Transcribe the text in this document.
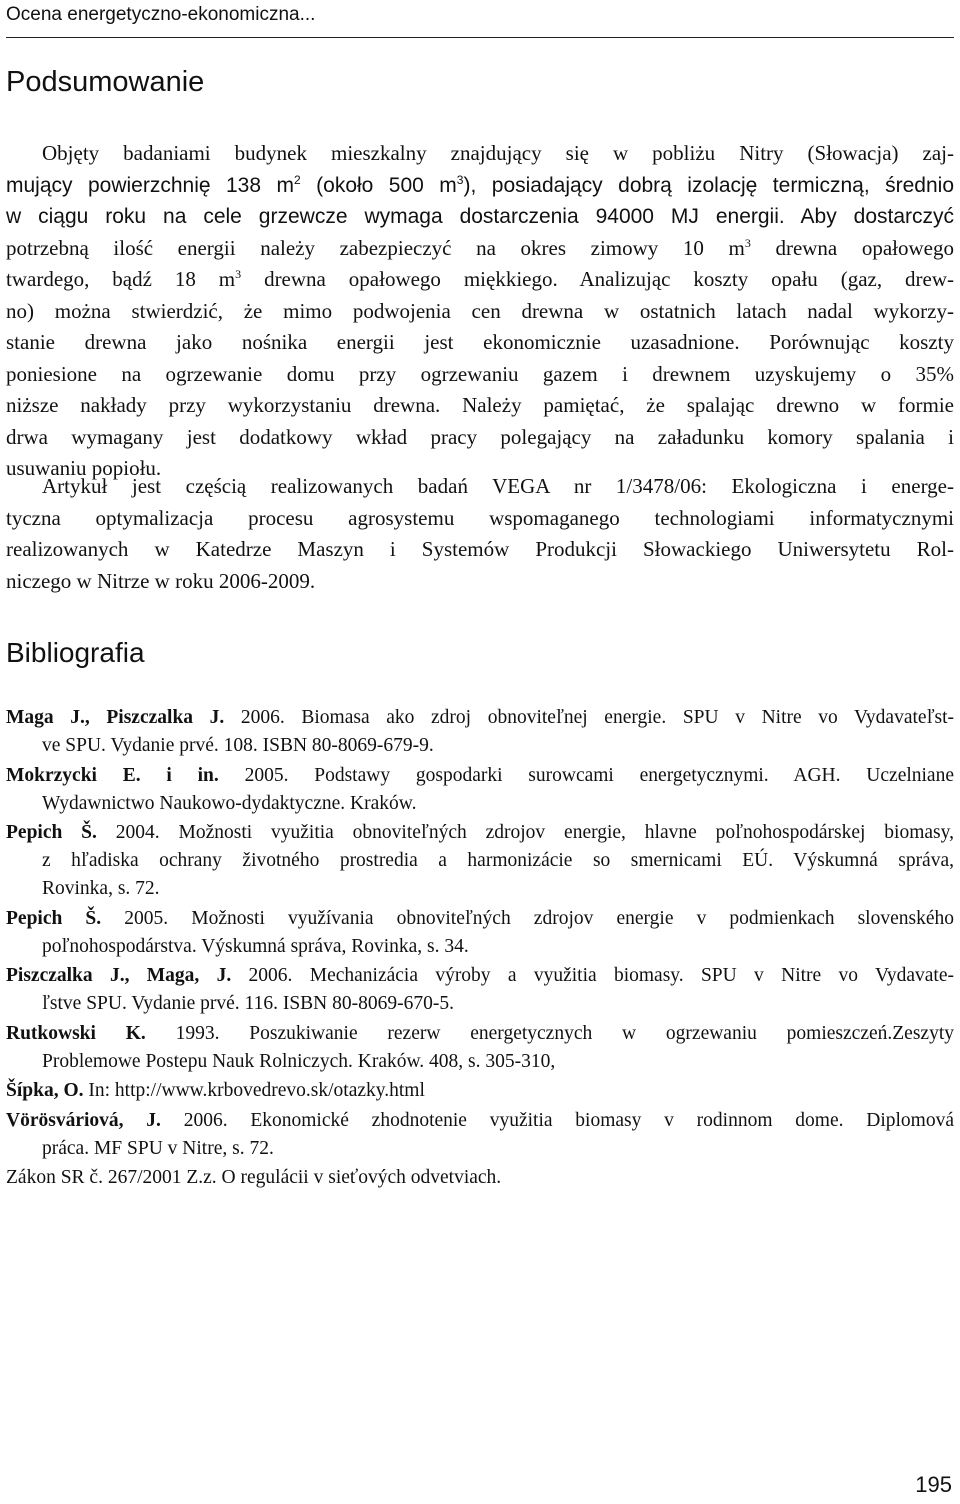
Ocena energetyczno-ekonomiczna...
Podsumowanie
Objęty badaniami budynek mieszkalny znajdujący się w pobliżu Nitry (Słowacja) zaj-
mujący powierzchnię 138 $m^2$ (około 500 $m^3$), posiadający dobrą izolację termiczną, średnio
w ciągu roku na cele grzewcze wymaga dostarczenia 94000 MJ energii. Aby dostarczyć
potrzebną ilość energii należy zabezpieczyć na okres zimowy 10 $m^3$ drewna opałowego
twardego, bądź 18 $m^3$ drewna opałowego miękkiego. Analizując koszty opału (gaz, drew-
no) można stwierdzić, że mimo podwojenia cen drewna w ostatnich latach nadal wykorzy-
stanie drewna jako nośnika energii jest ekonomicznie uzasadnione. Porównując koszty
poniesione na ogrzewanie domu przy ogrzewaniu gazem i drewnem uzyskujemy o 35%
niższe nakłady przy wykorzystaniu drewna. Należy pamiętać, że spalając drewno w formie
drwa wymagany jest dodatkowy wkład pracy polegający na załadunku komory spalania i
usuwaniu popiołu.
Artykuł jest częścią realizowanych badań VEGA nr 1/3478/06: Ekologiczna i energe-
tyczna optymalizacja procesu agrosystemu wspomaganego technologiami informatycznymi
realizowanych w Katedrze Maszyn i Systemów Produkcji Słowackiego Uniwersytetu Rol-
niczego w Nitrze w roku 2006-2009.
Bibliografia
Maga J., Piszczalka J. 2006. Biomasa ako zdroj obnoviteľnej energie. SPU v Nitre vo Vydavateľst-
ve SPU. Vydanie prvé. 108. ISBN 80-8069-679-9.
Mokrzycki E. i in. 2005. Podstawy gospodarki surowcami energetycznymi. AGH. Uczelniane
Wydawnictwo Naukowo-dydaktyczne. Kraków.
Pepich Š. 2004. Možnosti využitia obnoviteľných zdrojov energie, hlavne poľnohospodárskej biomasy,
z hľadiska ochrany životného prostredia a harmonizácie so smernicami EÚ. Výskumná správa,
Rovinka, s. 72.
Pepich Š. 2005. Možnosti využívania obnoviteľných zdrojov energie v podmienkach slovenského
poľnohospodárstva. Výskumná správa, Rovinka, s. 34.
Piszczalka J., Maga, J. 2006. Mechanizácia výroby a využitia biomasy. SPU v Nitre vo Vydavate-
ľstve SPU. Vydanie prvé. 116. ISBN 80-8069-670-5.
Rutkowski K. 1993. Poszukiwanie rezerw energetycznych w ogrzewaniu pomieszczeń.Zeszyty
Problemowe Postepu Nauk Rolniczych. Kraków. 408, s. 305-310,
Šípka, O. In: http://www.krbovedrevo.sk/otazky.html
Vörösváriová, J. 2006. Ekonomické zhodnotenie využitia biomasy v rodinnom dome. Diplomová
práca. MF SPU v Nitre, s. 72.
Zákon SR č. 267/2001 Z.z. O regulácii v sieťových odvetviach.
195
